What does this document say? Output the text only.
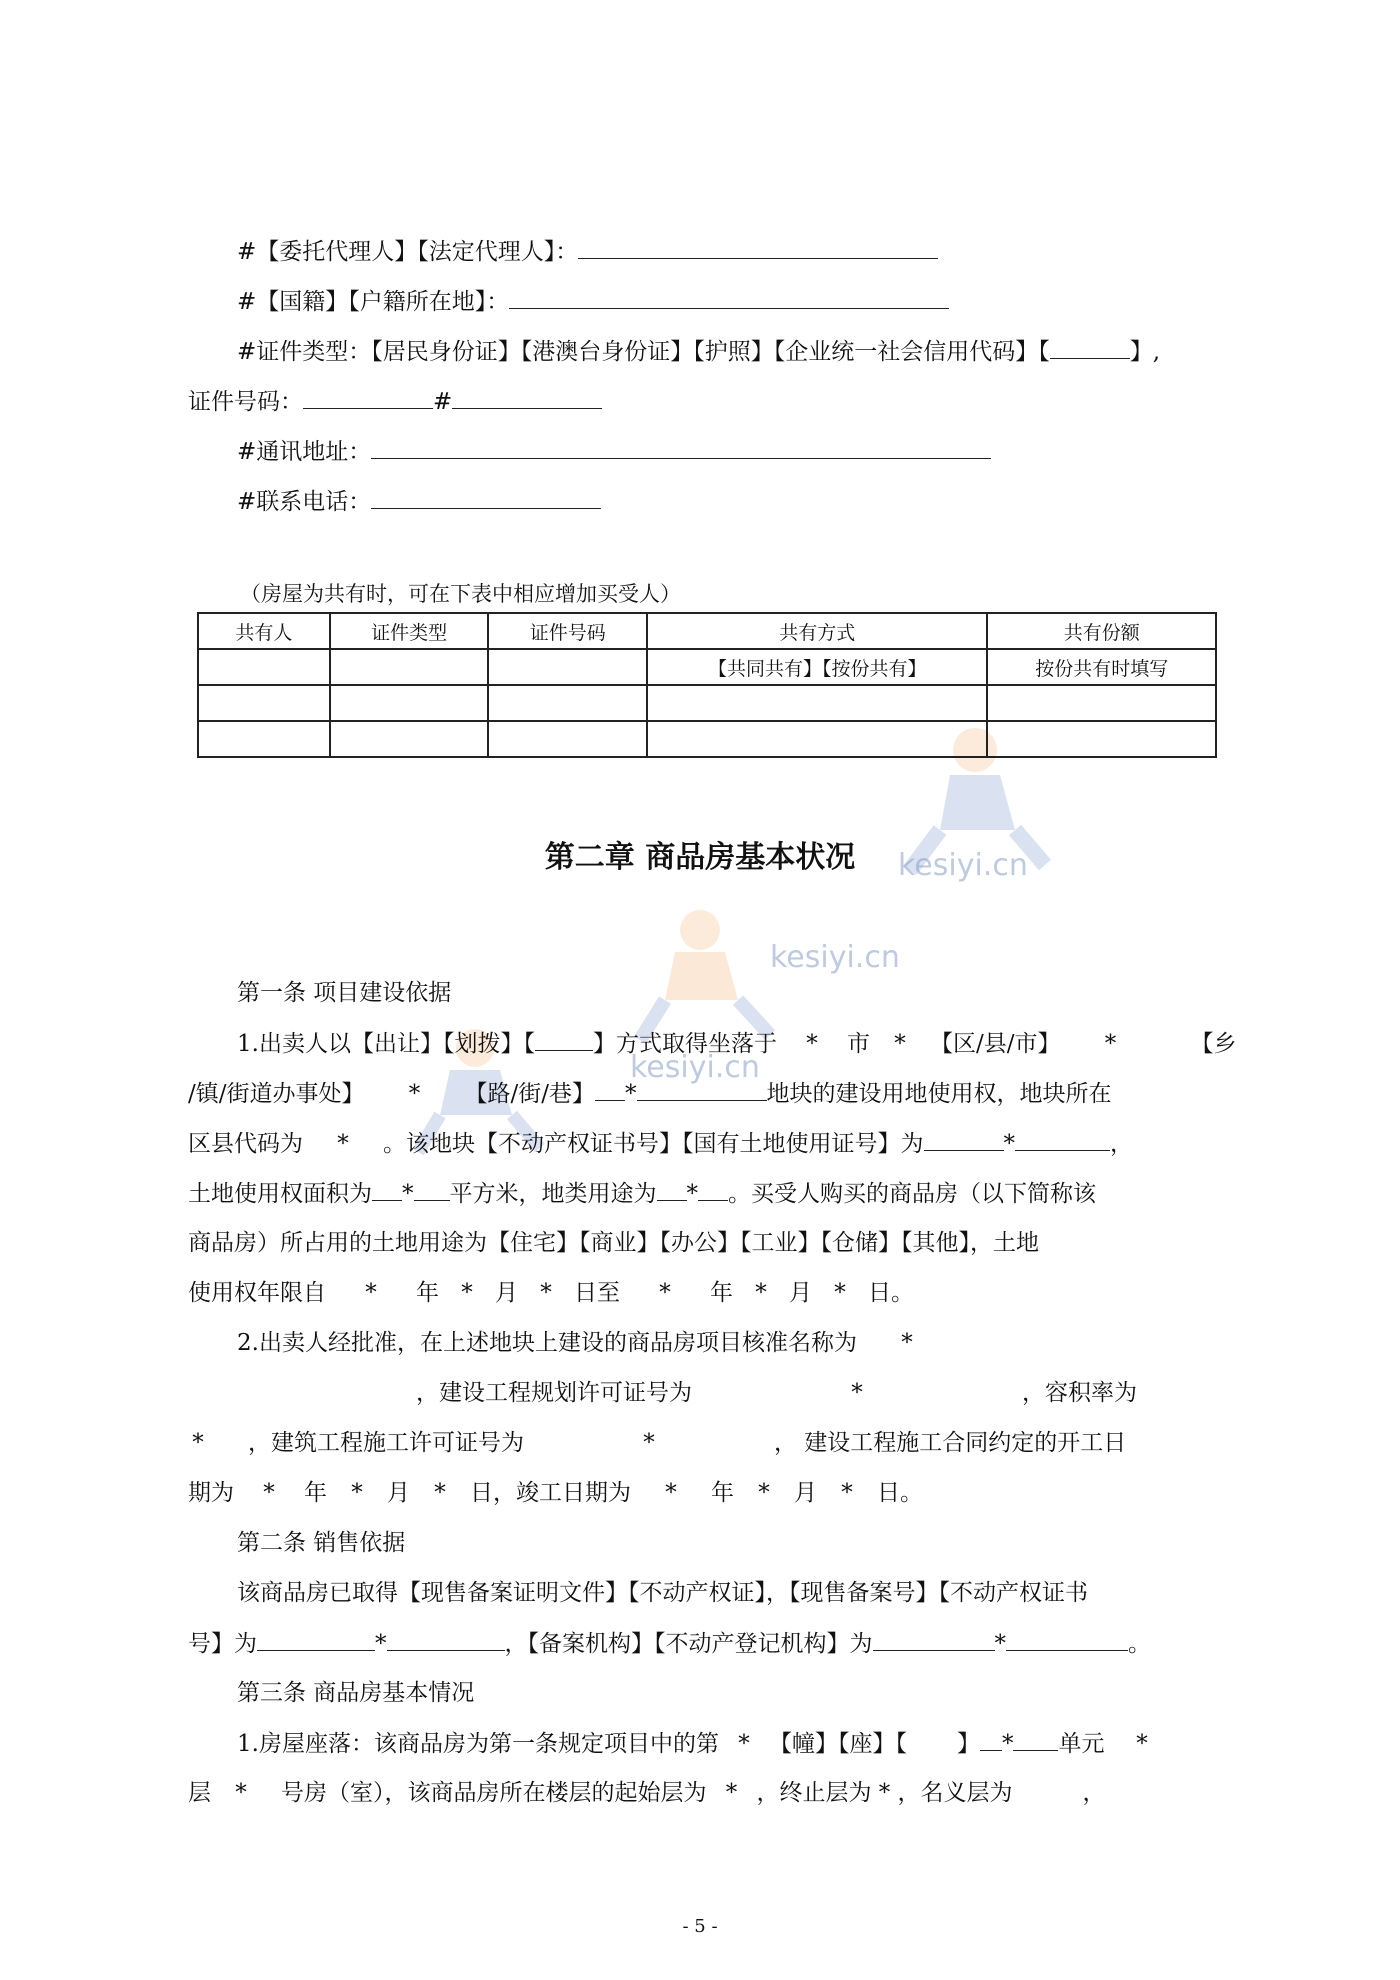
kesiyi.cn
kesiyi.cn
kesiyi.cn
#【委托代理人】【法定代理人】：
#【国籍】【户籍所在地】：
#证件类型：【居民身份证】【港澳台身份证】【护照】【企业统一社会信用代码】【	】,
证件号码：	#
#通讯地址：
#联系电话：
（房屋为共有时，可在下表中相应增加买受人）
共有人	证件类型	证件号码	共有方式	共有份额
			【共同共有】【按份共有】	按份共有时填写

第二章 商品房基本状况
第一条 项目建设依据
1.出卖人以【出让】【划拨】【	】方式取得坐落于 * 市 * 【区/县/市】 *	【乡
/镇/街道办事处】 * 【路/街/巷】 *	地块的建设用地使用权，地块所在
区县代码为 * 。该地块【不动产权证书号】【国有土地使用证号】为	*	，
土地使用权面积为 * 平方米，地类用途为 * 。买受人购买的商品房（以下简称该
商品房）所占用的土地用途为【住宅】【商业】【办公】【工业】【仓储】【其他】，土地
使用权年限自 * 年 * 月 * 日至 * 年 * 月 * 日。
2.出卖人经批准，在上述地块上建设的商品房项目核准名称为 *
，建设工程规划许可证号为	*	，容积率为
* ，建筑工程施工许可证号为	*	， 建设工程施工合同约定的开工日
期为 * 年 * 月 * 日，竣工日期为 * 年 * 月 * 日。
第二条 销售依据
该商品房已取得【现售备案证明文件】【不动产权证】，【现售备案号】【不动产权证书
号】为	*	，【备案机构】【不动产登记机构】为	*	。
第三条 商品房基本情况
1.房屋座落：该商品房为第一条规定项目中的第 * 【幢】【座】【 】 * 单元 *
层 * 号房（室），该商品房所在楼层的起始层为 * ，终止层为 * ，名义层为	，
- 5 -
